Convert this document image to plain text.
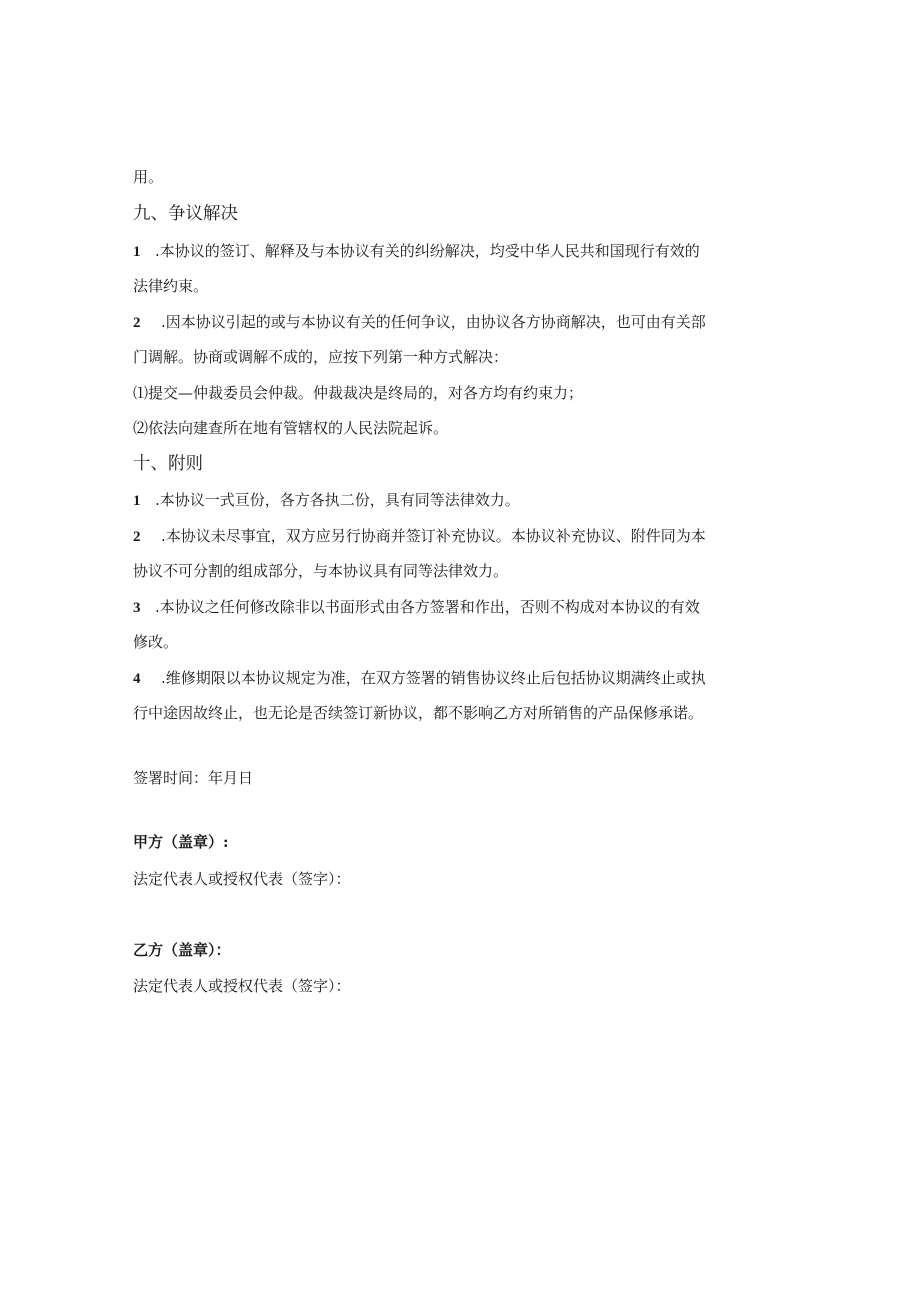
用。
九、争议解决
1 .本协议的签订、解释及与本协议有关的纠纷解决，均受中华人民共和国现行有效的
法律约束。
2 .因本协议引起的或与本协议有关的任何争议，由协议各方协商解决，也可由有关部
门调解。协商或调解不成的，应按下列第一种方式解决：
⑴提交—仲裁委员会仲裁。仲裁裁决是终局的，对各方均有约束力；
⑵依法向建查所在地有管辖权的人民法院起诉。
十、附则
1 .本协议一式亘份，各方各执二份，具有同等法律效力。
2 .本协议未尽事宜，双方应另行协商并签订补充协议。本协议补充协议、附件同为本
协议不可分割的组成部分，与本协议具有同等法律效力。
3 .本协议之任何修改除非以书面形式由各方签署和作出，否则不构成对本协议的有效
修改。
4 .维修期限以本协议规定为准，在双方签署的销售协议终止后包括协议期满终止或执
行中途因故终止，也无论是否续签订新协议，都不影响乙方对所销售的产品保修承诺。
签署时间：年月日
甲方（盖章）:
法定代表人或授权代表（签字）：
乙方（盖章）：
法定代表人或授权代表（签字）：
